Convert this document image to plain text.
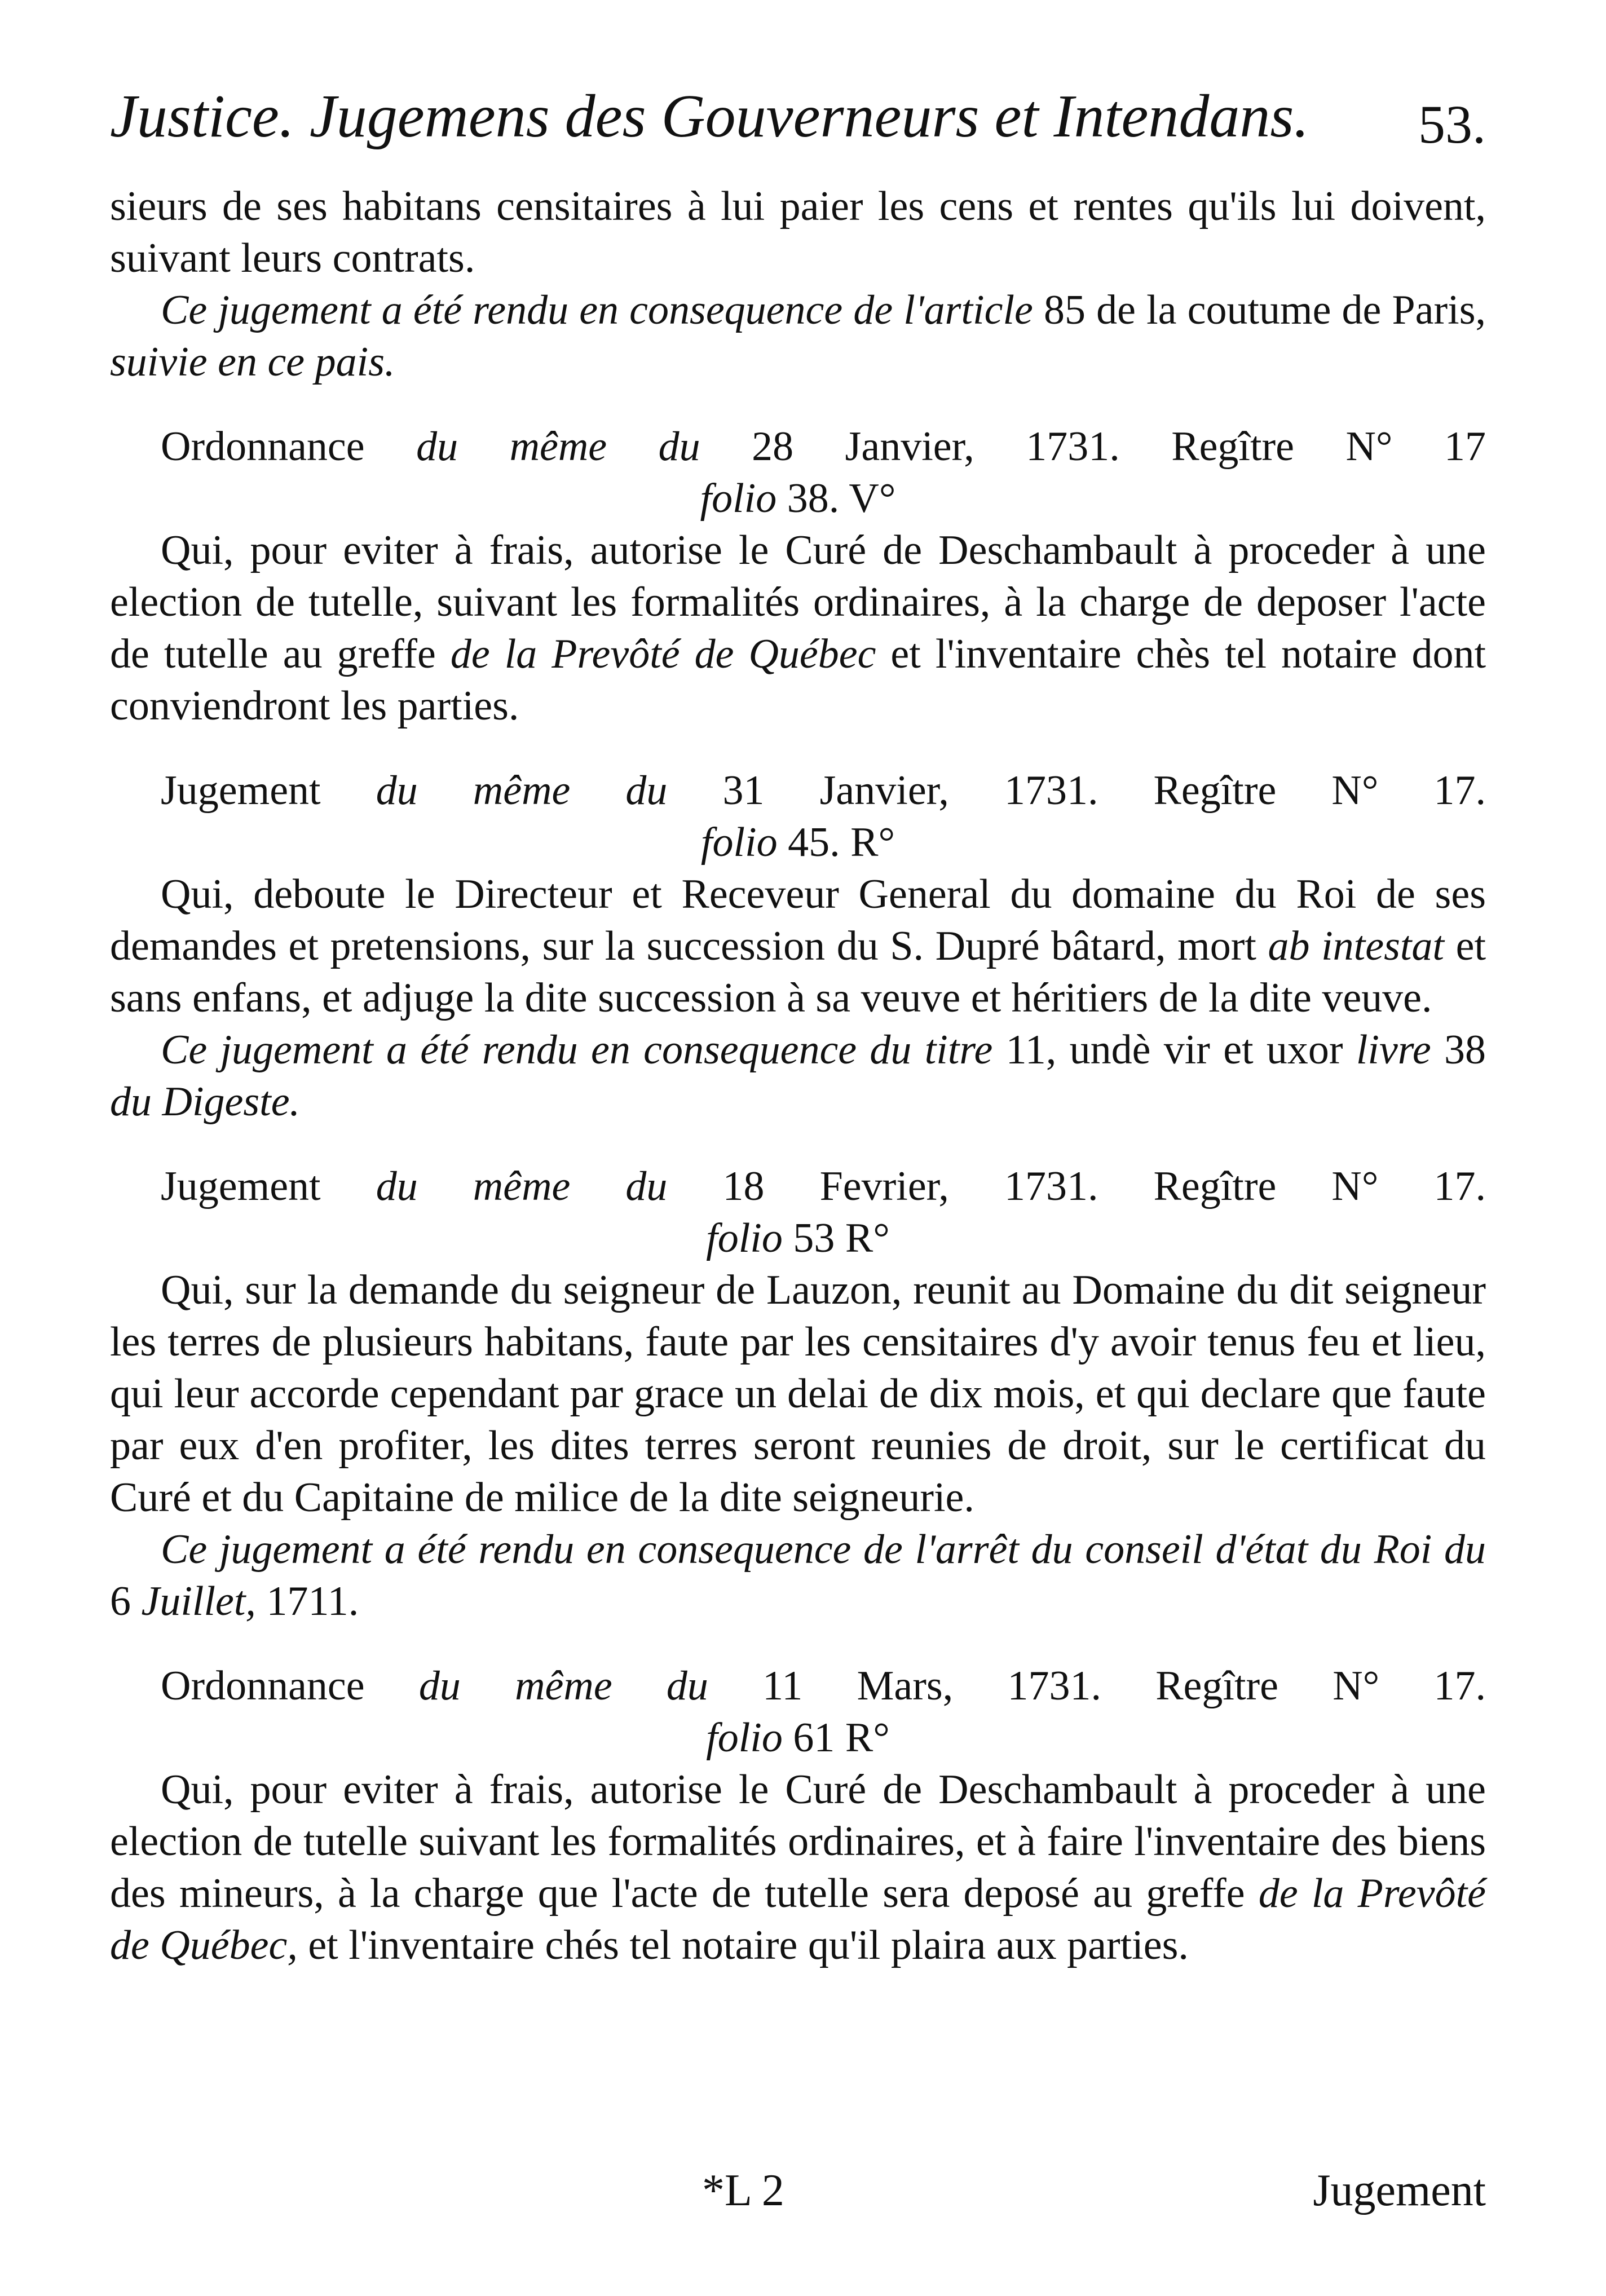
Justice. Jugemens des Gouverneurs et Intendans. 53.

sieurs de ses habitans censitaires à lui paier les cens et rentes qu'ils lui doivent, suivant leurs contrats.

Ce jugement a été rendu en consequence de l'article 85 de la coutume de Paris, suivie en ce pais.

Ordonnance du même du 28 Janvier, 1731. Regître N° 17

folio 38. V°

Qui, pour eviter à frais, autorise le Curé de Deschambault à proceder à une election de tutelle, suivant les formalités ordinaires, à la charge de deposer l'acte de tutelle au greffe de la Prevôté de Québec et l'inventaire chès tel notaire dont conviendront les parties.

Jugement du même du 31 Janvier, 1731. Regître N° 17.

folio 45. R°

Qui, deboute le Directeur et Receveur General du domaine du Roi de ses demandes et pretensions, sur la succession du S. Dupré bâtard, mort ab intestat et sans enfans, et adjuge la dite succession à sa veuve et héritiers de la dite veuve.

Ce jugement a été rendu en consequence du titre 11, undè vir et uxor livre 38 du Digeste.

Jugement du même du 18 Fevrier, 1731. Regître N° 17.

folio 53 R°

Qui, sur la demande du seigneur de Lauzon, reunit au Domaine du dit seigneur les terres de plusieurs habitans, faute par les censitaires d'y avoir tenus feu et lieu, qui leur accorde cependant par grace un delai de dix mois, et qui declare que faute par eux d'en profiter, les dites terres seront reunies de droit, sur le certificat du Curé et du Capitaine de milice de la dite seigneurie.

Ce jugement a été rendu en consequence de l'arrêt du conseil d'état du Roi du 6 Juillet, 1711.

Ordonnance du même du 11 Mars, 1731. Regître N° 17.

folio 61 R°

Qui, pour eviter à frais, autorise le Curé de Deschambault à proceder à une election de tutelle suivant les formalités ordinaires, et à faire l'inventaire des biens des mineurs, à la charge que l'acte de tutelle sera deposé au greffe de la Prevôté de Québec, et l'inventaire chés tel notaire qu'il plaira aux parties.

*L 2	Jugement
